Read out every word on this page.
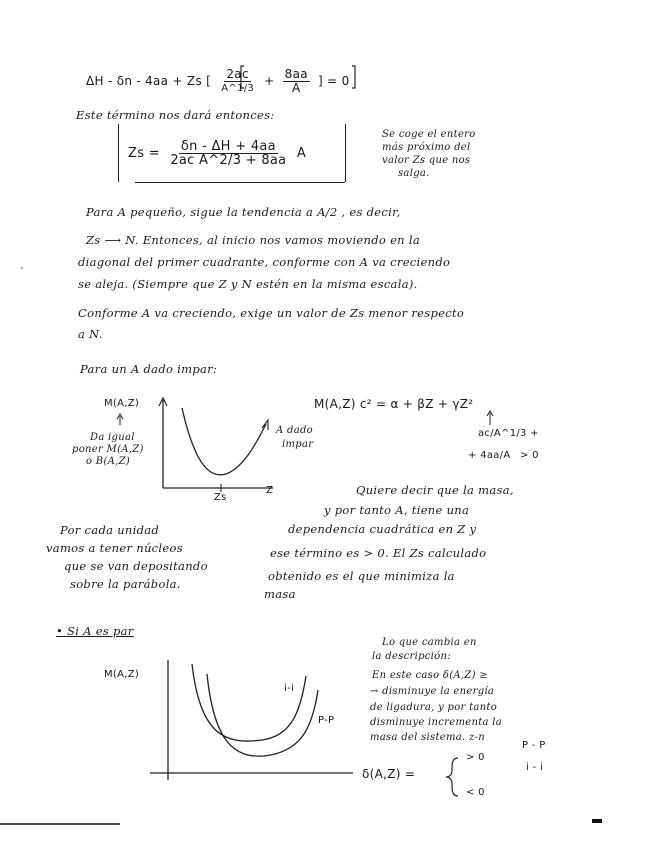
ΔH - δn - 4aa + Zs [ $\frac{2ac}{A\^{}1/3} + \frac{8aa}{A}$ ] = 0
Este término nos dará entonces:
$Zs = \frac{\delta n - \Delta H + 4aa}{\text{2ac A\textasciicircum{}2/3 + 8aa}}$ A
Se coge el entero
más próximo del
valor Zs que nos
salga.
Para A pequeño, sigue la tendencia a A/2 , es decir,
Zs ⟶ N. Entonces, al inicio nos vamos moviendo en la
diagonal del primer cuadrante, conforme con A va creciendo
se aleja. (Siempre que Z y N estén en la misma escala).
Conforme A va creciendo, exige un valor de Zs menor respecto
a N.
Para un A dado impar:
M(A,Z)
Da igual
poner M(A,Z)
o B(A,Z)
A dado
impar
Zs
Z
M(A,Z) c² = α + βZ + γZ²
ac/A^1/3 +
+ 4aa/A > 0
Quiere decir que la masa,
y por tanto A, tiene una
dependencia cuadrática en Z y
ese término es > 0. El Zs calculado
obtenido es el que minimiza la
masa
Por cada unidad
vamos a tener núcleos
que se van depositando
sobre la parábola.
• Si A es par
M(A,Z)
i-i
P-P
Lo que cambia en
la descripción:
En este caso δ(A,Z) ≥
→ disminuye la energía
de ligadura, y por tanto
disminuye incrementa la
masa del sistema. z-n
δ(A,Z) =
> 0
P - P
< 0
i - i
